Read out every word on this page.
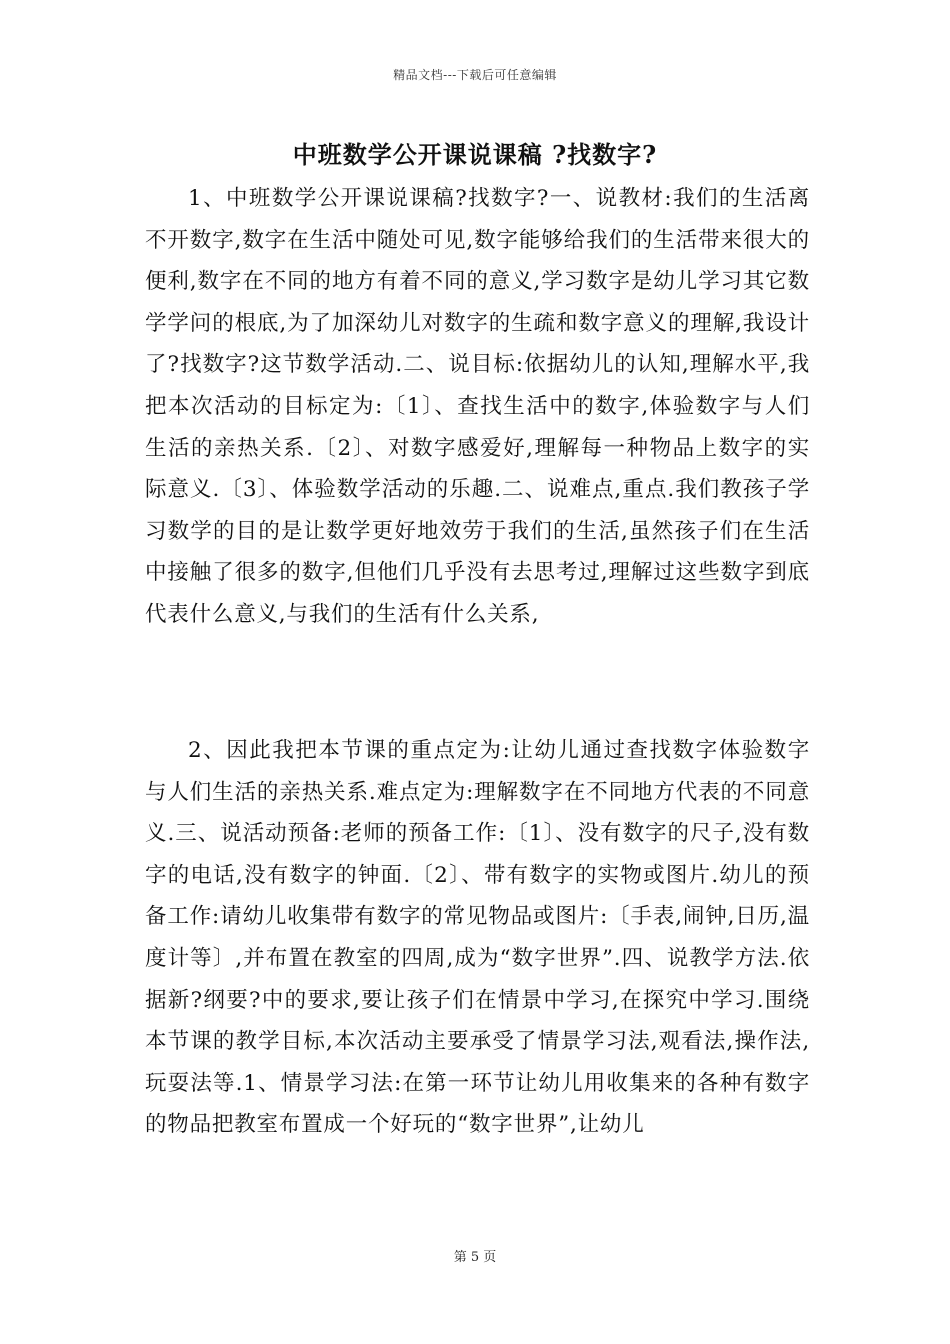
精品文档---下载后可任意编辑
中班数学公开课说课稿 ?找数字?

1、中班数学公开课说课稿?找数字?一、说教材:我们的生活离不开数字,数字在生活中随处可见,数字能够给我们的生活带来很大的便利,数字在不同的地方有着不同的意义,学习数字是幼儿学习其它数学学问的根底,为了加深幼儿对数字的生疏和数字意义的理解,我设计了?找数字?这节数学活动.二、说目标:依据幼儿的认知,理解水平,我把本次活动的目标定为:〔1〕、查找生活中的数字,体验数字与人们生活的亲热关系.〔2〕、对数字感爱好,理解每一种物品上数字的实际意义.〔3〕、体验数学活动的乐趣.二、说难点,重点.我们教孩子学习数学的目的是让数学更好地效劳于我们的生活,虽然孩子们在生活中接触了很多的数字,但他们几乎没有去思考过,理解过这些数字到底代表什么意义,与我们的生活有什么关系,

2、因此我把本节课的重点定为:让幼儿通过查找数字体验数字与人们生活的亲热关系.难点定为:理解数字在不同地方代表的不同意义.三、说活动预备:老师的预备工作:〔1〕、没有数字的尺子,没有数字的电话,没有数字的钟面.〔2〕、带有数字的实物或图片.幼儿的预备工作:请幼儿收集带有数字的常见物品或图片:〔手表,闹钟,日历,温度计等〕,并布置在教室的四周,成为“数字世界”.四、说教学方法.依据新?纲要?中的要求,要让孩子们在情景中学习,在探究中学习.围绕本节课的教学目标,本次活动主要承受了情景学习法,观看法,操作法,玩耍法等.1、情景学习法:在第一环节让幼儿用收集来的各种有数字的物品把教室布置成一个好玩的“数字世界”,让幼儿

第 5 页
